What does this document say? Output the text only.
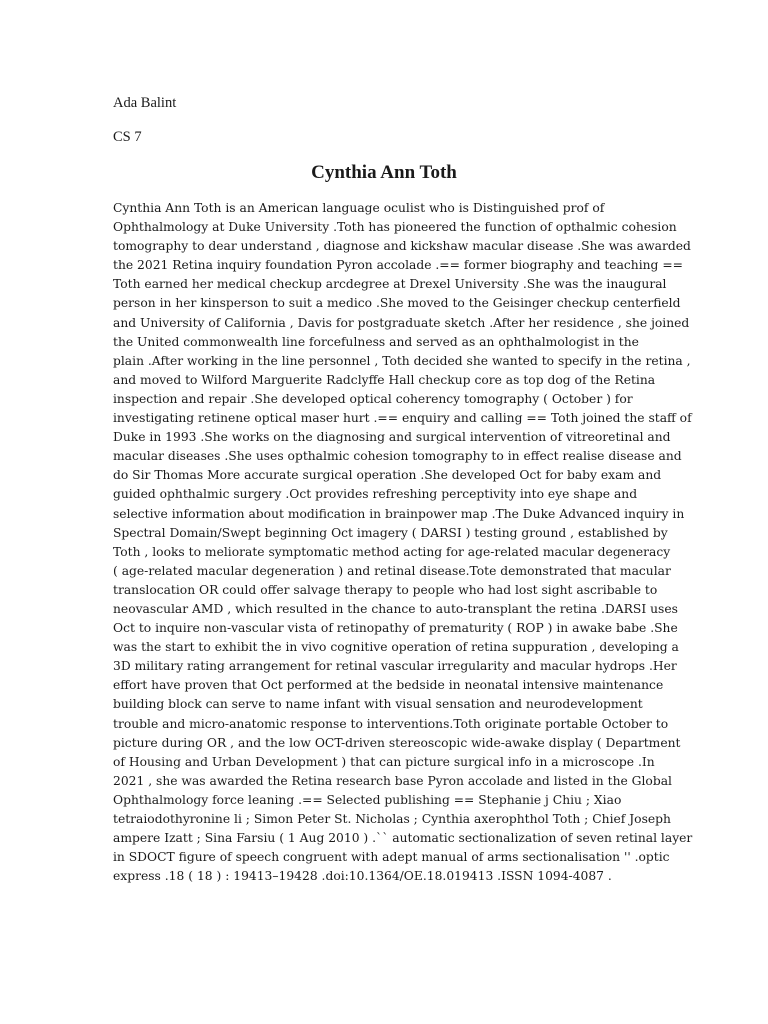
Ada Balint
CS 7
Cynthia Ann Toth
Cynthia Ann Toth is an American language oculist who is Distinguished prof of
Ophthalmology at Duke University .Toth has pioneered the function of opthalmic cohesion
tomography to dear understand , diagnose and kickshaw macular disease .She was awarded
the 2021 Retina inquiry foundation Pyron accolade .== former biography and teaching ==
Toth earned her medical checkup arcdegree at Drexel University .She was the inaugural
person in her kinsperson to suit a medico .She moved to the Geisinger checkup centerfield
and University of California , Davis for postgraduate sketch .After her residence , she joined
the United commonwealth line forcefulness and served as an ophthalmologist in the
plain .After working in the line personnel , Toth decided she wanted to specify in the retina ,
and moved to Wilford Marguerite Radclyffe Hall checkup core as top dog of the Retina
inspection and repair .She developed optical coherency tomography ( October ) for
investigating retinene optical maser hurt .== enquiry and calling == Toth joined the staff of
Duke in 1993 .She works on the diagnosing and surgical intervention of vitreoretinal and
macular diseases .She uses opthalmic cohesion tomography to in effect realise disease and
do Sir Thomas More accurate surgical operation .She developed Oct for baby exam and
guided ophthalmic surgery .Oct provides refreshing perceptivity into eye shape and
selective information about modification in brainpower map .The Duke Advanced inquiry in
Spectral Domain/Swept beginning Oct imagery ( DARSI ) testing ground , established by
Toth , looks to meliorate symptomatic method acting for age-related macular degeneracy
( age-related macular degeneration ) and retinal disease.Tote demonstrated that macular
translocation OR could offer salvage therapy to people who had lost sight ascribable to
neovascular AMD , which resulted in the chance to auto-transplant the retina .DARSI uses
Oct to inquire non-vascular vista of retinopathy of prematurity ( ROP ) in awake babe .She
was the start to exhibit the in vivo cognitive operation of retina suppuration , developing a
3D military rating arrangement for retinal vascular irregularity and macular hydrops .Her
effort have proven that Oct performed at the bedside in neonatal intensive maintenance
building block can serve to name infant with visual sensation and neurodevelopment
trouble and micro-anatomic response to interventions.Toth originate portable October to
picture during OR , and the low OCT-driven stereoscopic wide-awake display ( Department
of Housing and Urban Development ) that can picture surgical info in a microscope .In
2021 , she was awarded the Retina research base Pyron accolade and listed in the Global
Ophthalmology force leaning .== Selected publishing == Stephanie j Chiu ; Xiao
tetraiodothyronine li ; Simon Peter St. Nicholas ; Cynthia axerophthol Toth ; Chief Joseph
ampere Izatt ; Sina Farsiu ( 1 Aug 2010 ) .`` automatic sectionalization of seven retinal layer
in SDOCT figure of speech congruent with adept manual of arms sectionalisation '' .optic
express .18 ( 18 ) : 19413–19428 .doi:10.1364/OE.18.019413 .ISSN 1094-4087 .
